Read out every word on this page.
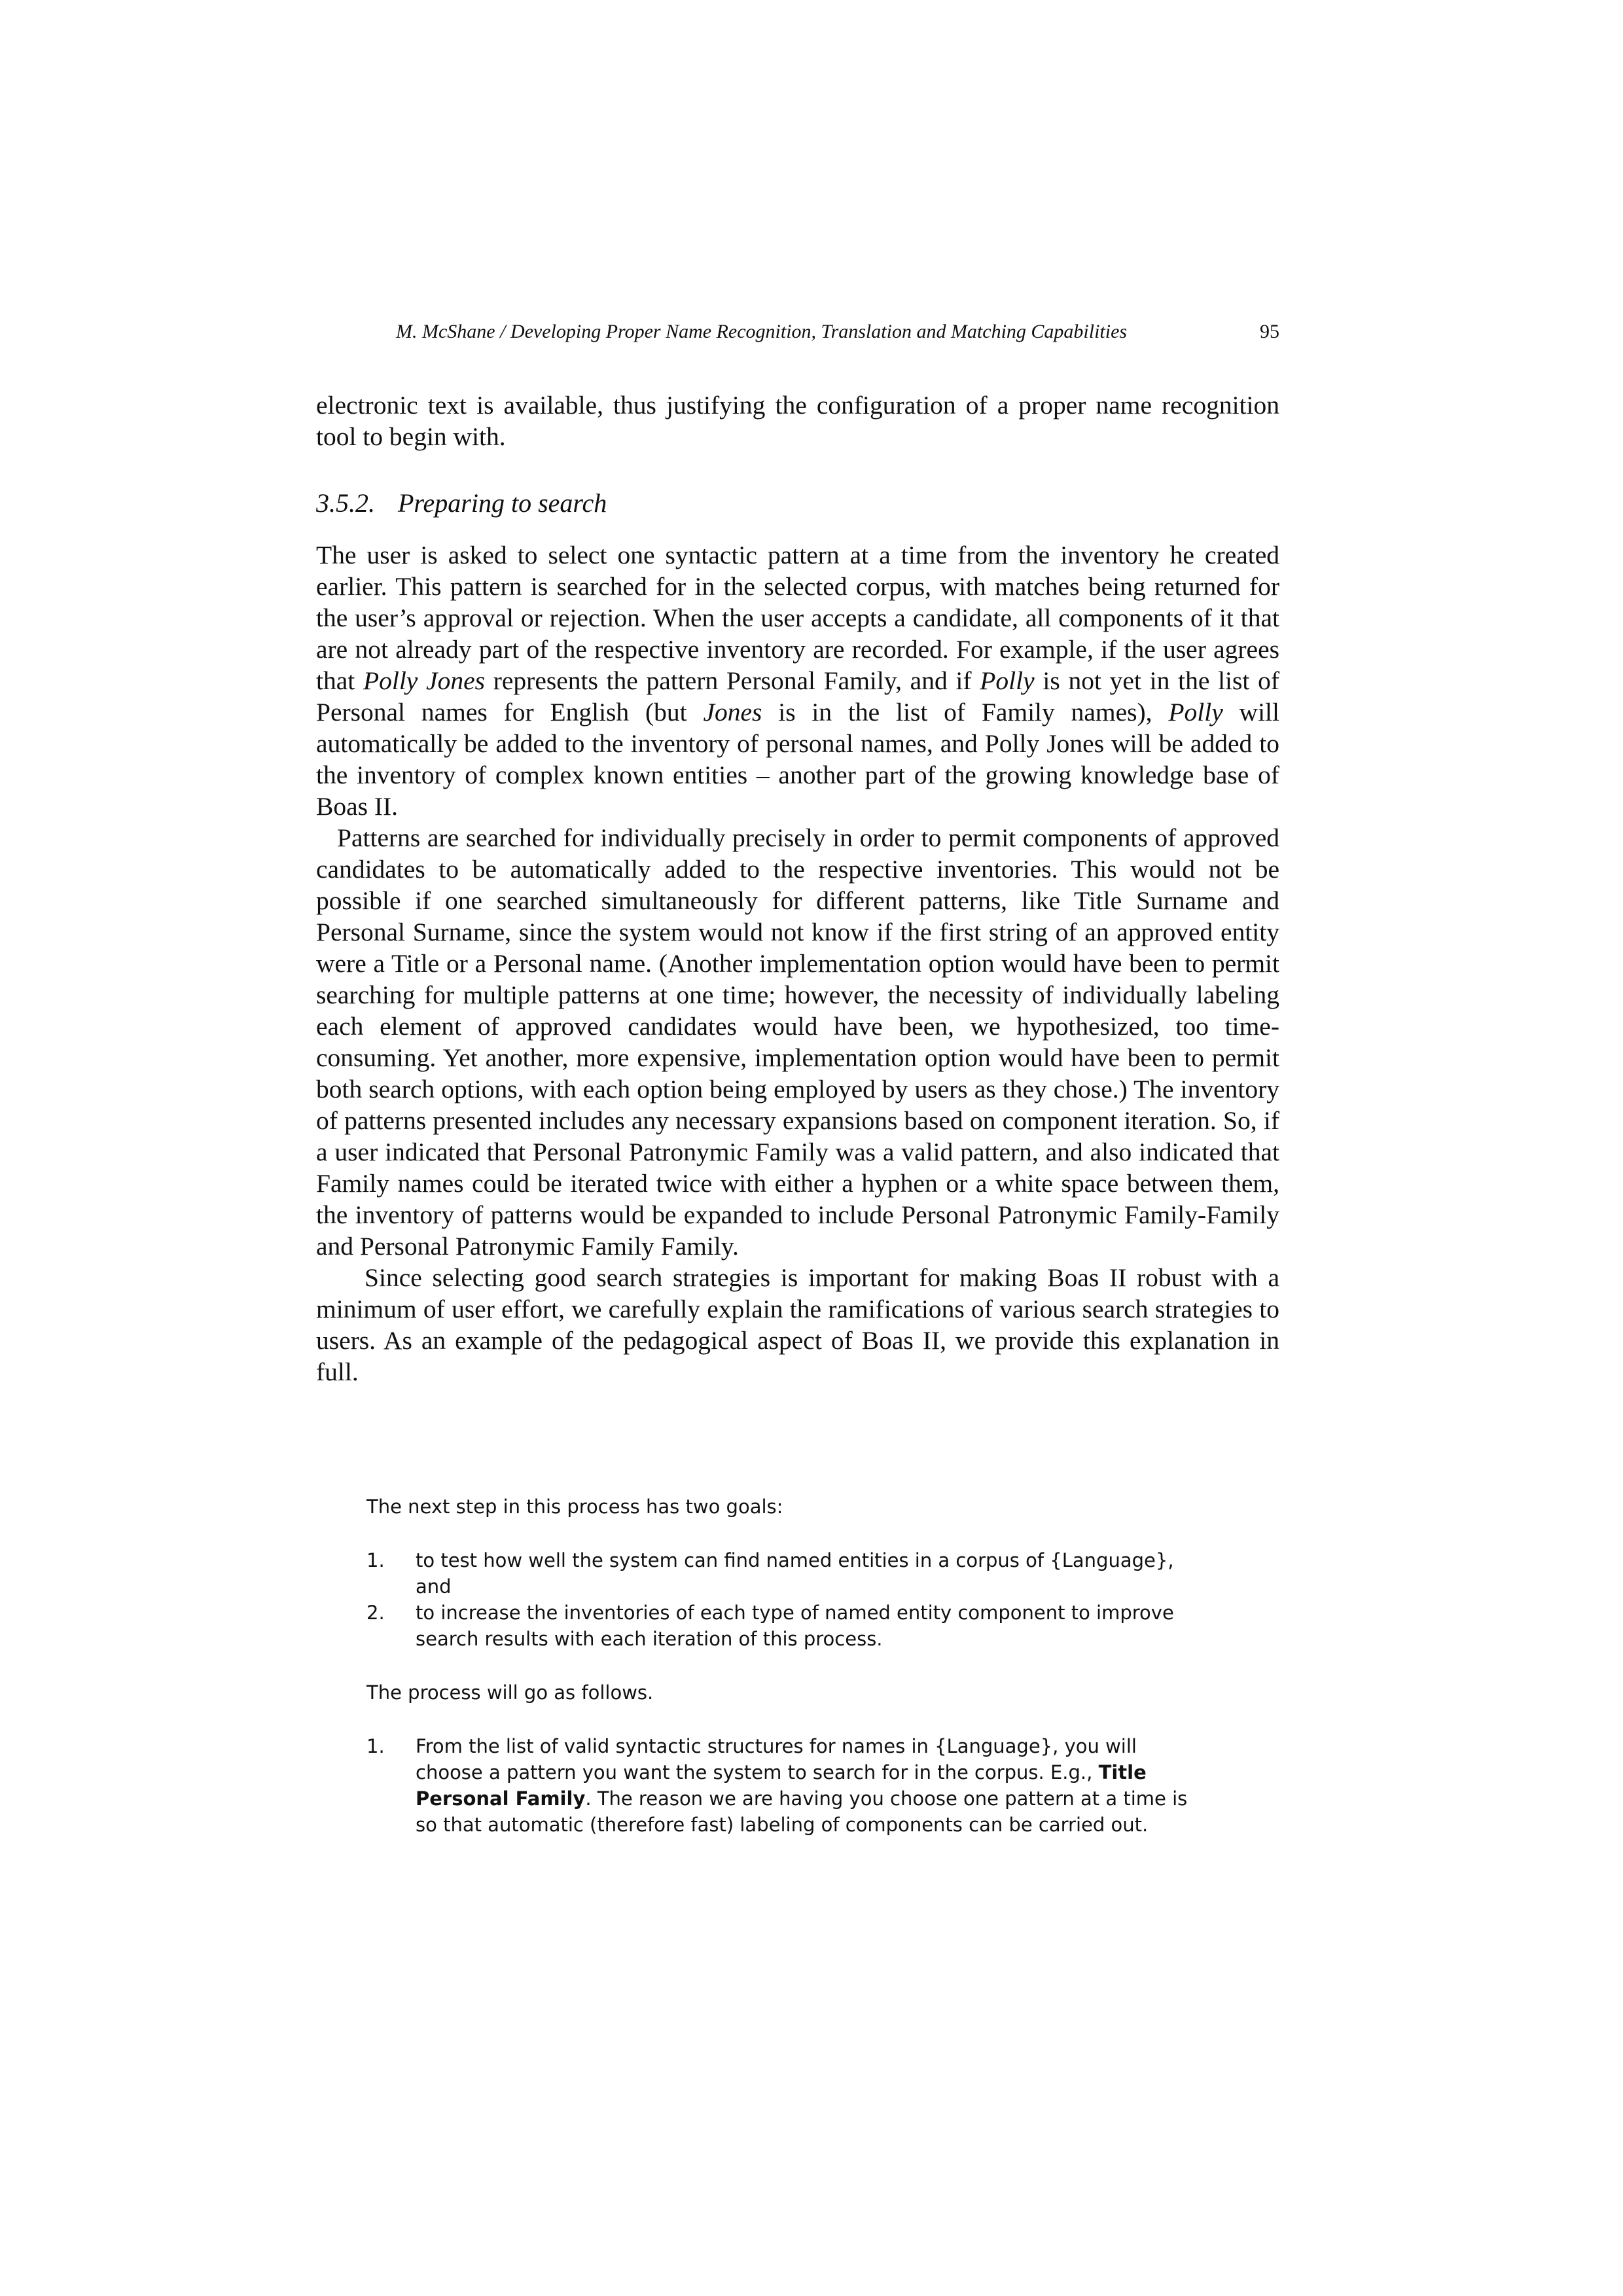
M. McShane / Developing Proper Name Recognition, Translation and Matching Capabilities	95

electronic text is available, thus justifying the configuration of a proper name recognition tool to begin with.

3.5.2. Preparing to search

The user is asked to select one syntactic pattern at a time from the inventory he created earlier. This pattern is searched for in the selected corpus, with matches being returned for the user’s approval or rejection. When the user accepts a candidate, all components of it that are not already part of the respective inventory are recorded. For example, if the user agrees that Polly Jones represents the pattern Personal Family, and if Polly is not yet in the list of Personal names for English (but Jones is in the list of Family names), Polly will automatically be added to the inventory of personal names, and Polly Jones will be added to the inventory of complex known entities – another part of the growing knowledge base of Boas II.

Patterns are searched for individually precisely in order to permit components of approved candidates to be automatically added to the respective inventories. This would not be possible if one searched simultaneously for different patterns, like Title Surname and Personal Surname, since the system would not know if the first string of an approved entity were a Title or a Personal name. (Another implementation option would have been to permit searching for multiple patterns at one time; however, the necessity of individually labeling each element of approved candidates would have been, we hypothesized, too time-consuming. Yet another, more expensive, implementation option would have been to permit both search options, with each option being employed by users as they chose.) The inventory of patterns presented includes any necessary expansions based on component iteration. So, if a user indicated that Personal Patronymic Family was a valid pattern, and also indicated that Family names could be iterated twice with either a hyphen or a white space between them, the inventory of patterns would be expanded to include Personal Patronymic Family-Family and Personal Patronymic Family Family.

Since selecting good search strategies is important for making Boas II robust with a minimum of user effort, we carefully explain the ramifications of various search strategies to users. As an example of the pedagogical aspect of Boas II, we provide this explanation in full.

The next step in this process has two goals:

1. to test how well the system can find named entities in a corpus of {Language}, and
2. to increase the inventories of each type of named entity component to improve search results with each iteration of this process.

The process will go as follows.

1. From the list of valid syntactic structures for names in {Language}, you will choose a pattern you want the system to search for in the corpus. E.g., Title Personal Family. The reason we are having you choose one pattern at a time is so that automatic (therefore fast) labeling of components can be carried out.
